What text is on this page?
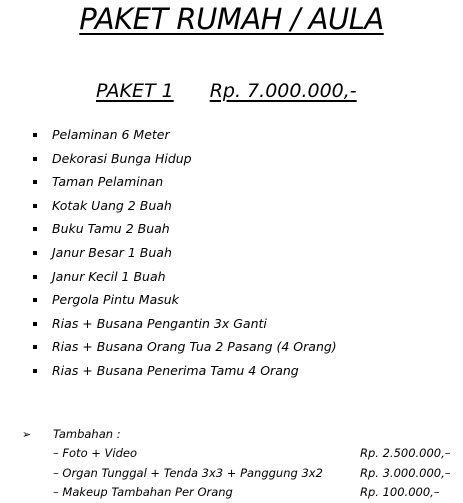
PAKET RUMAH / AULA
PAKET 1 Rp. 7.000.000,-
Pelaminan 6 Meter
Dekorasi Bunga Hidup
Taman Pelaminan
Kotak Uang 2 Buah
Buku Tamu 2 Buah
Janur Besar 1 Buah
Janur Kecil 1 Buah
Pergola Pintu Masuk
Rias + Busana Pengantin 3x Ganti
Rias + Busana Orang Tua 2 Pasang (4 Orang)
Rias + Busana Penerima Tamu 4 Orang
➢ Tambahan :
– Foto + Video	Rp. 2.500.000,–
– Organ Tunggal + Tenda 3x3 + Panggung 3x2	Rp. 3.000.000,–
– Makeup Tambahan Per Orang	Rp. 100.000,–
